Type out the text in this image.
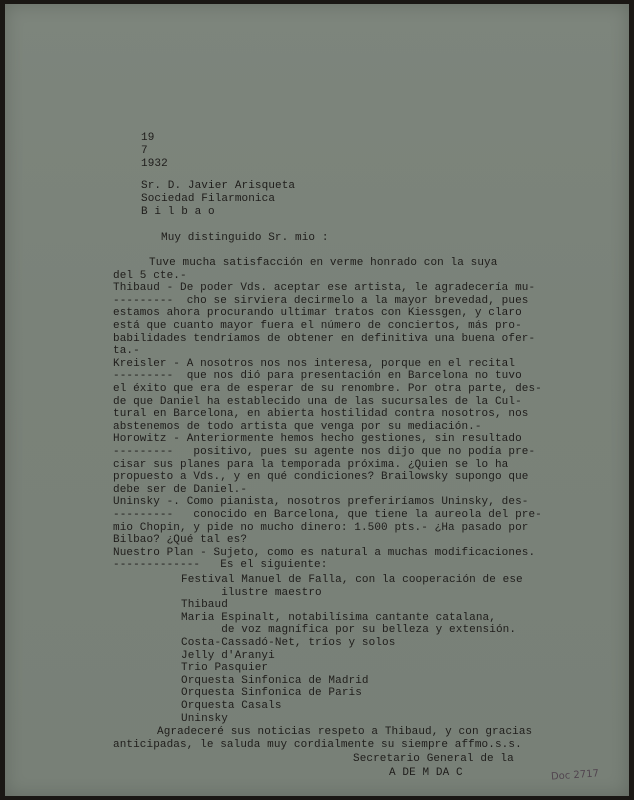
19
7
1932
Sr. D. Javier Arisqueta
Sociedad Filarmonica
B i l b a o
Muy distinguido Sr. mio :
Tuve mucha satisfacción en verme honrado con la suya
del 5 cte.-
Thibaud - De poder Vds. aceptar ese artista, le agradecería mu-
---------  cho se sirviera decirmelo a la mayor brevedad, pues
estamos ahora procurando ultimar tratos con Kiessgen, y claro
está que cuanto mayor fuera el número de conciertos, más pro-
babilidades tendríamos de obtener en definitiva una buena ofer-
ta.-
Kreisler - A nosotros nos nos interesa, porque en el recital
---------  que nos dió para presentación en Barcelona no tuvo
el éxito que era de esperar de su renombre. Por otra parte, des-
de que Daniel ha establecido una de las sucursales de la Cul-
tural en Barcelona, en abierta hostilidad contra nosotros, nos
abstenemos de todo artista que venga por su mediación.-
Horowitz - Anteriormente hemos hecho gestiones, sin resultado
---------   positivo, pues su agente nos dijo que no podía pre-
cisar sus planes para la temporada próxima. ¿Quien se lo ha
propuesto a Vds., y en qué condiciones? Brailowsky supongo que
debe ser de Daniel.-
Uninsky -. Como pianista, nosotros preferiríamos Uninsky, des-
---------   conocido en Barcelona, que tiene la aureola del pre-
mio Chopin, y pide no mucho dinero: 1.500 pts.- ¿Ha pasado por
Bilbao? ¿Qué tal es?
Nuestro Plan - Sujeto, como es natural a muchas modificaciones.
-------------   Es el siguiente:
Festival Manuel de Falla, con la cooperación de ese
ilustre maestro
Thibaud
Maria Espinalt, notabilísima cantante catalana,
de voz magnífica por su belleza y extensión.
Costa-Cassadó-Net, tríos y solos
Jelly d'Aranyi
Trio Pasquier
Orquesta Sinfonica de Madrid
Orquesta Sinfonica de Paris
Orquesta Casals
Uninsky
Agradeceré sus noticias respeto a Thibaud, y con gracias
anticipadas, le saluda muy cordialmente su siempre affmo.s.s.
Secretario General de la
A DE M DA C	Doc 2717
